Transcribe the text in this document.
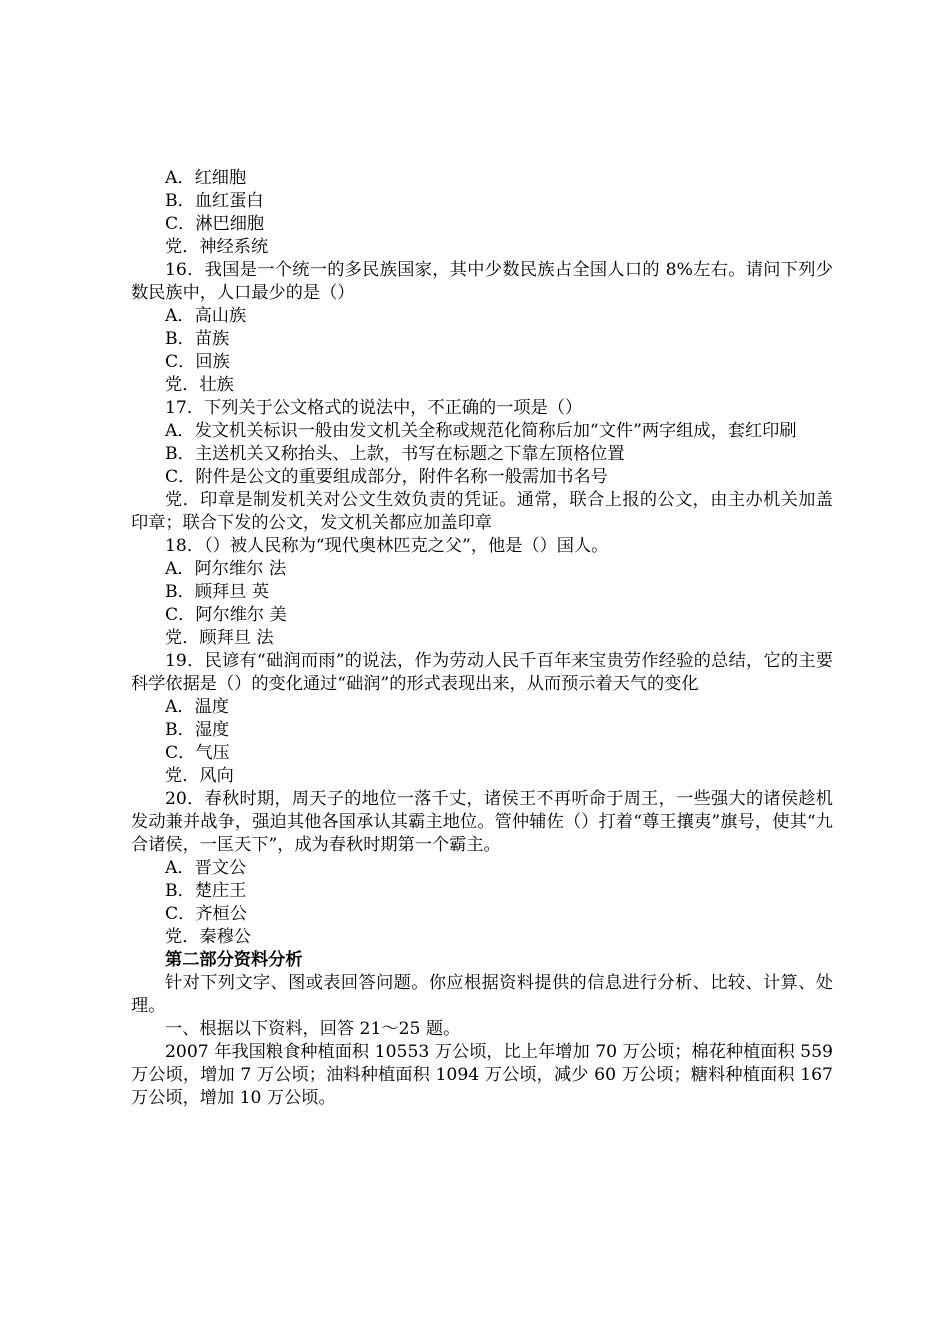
A．红细胞
B．血红蛋白
C．淋巴细胞
党．神经系统
16．我国是一个统一的多民族国家，其中少数民族占全国人口的 8%左右。请问下列少数民族中，人口最少的是（）
A．高山族
B．苗族
C．回族
党．壮族
17．下列关于公文格式的说法中，不正确的一项是（）
A．发文机关标识一般由发文机关全称或规范化简称后加“文件”两字组成，套红印刷
B．主送机关又称抬头、上款，书写在标题之下靠左顶格位置
C．附件是公文的重要组成部分，附件名称一般需加书名号
党．印章是制发机关对公文生效负责的凭证。通常，联合上报的公文，由主办机关加盖印章；联合下发的公文，发文机关都应加盖印章
18．（）被人民称为“现代奥林匹克之父”，他是（）国人。
A．阿尔维尔 法
B．顾拜旦 英
C．阿尔维尔 美
党．顾拜旦 法
19．民谚有“础润而雨”的说法，作为劳动人民千百年来宝贵劳作经验的总结，它的主要科学依据是（）的变化通过“础润”的形式表现出来，从而预示着天气的变化
A．温度
B．湿度
C．气压
党．风向
20．春秋时期，周天子的地位一落千丈，诸侯王不再听命于周王，一些强大的诸侯趁机发动兼并战争，强迫其他各国承认其霸主地位。管仲辅佐（）打着“尊王攘夷”旗号，使其“九合诸侯，一匡天下”，成为春秋时期第一个霸主。
A．晋文公
B．楚庄王
C．齐桓公
党．秦穆公
第二部分资料分析
针对下列文字、图或表回答问题。你应根据资料提供的信息进行分析、比较、计算、处理。
一、根据以下资料，回答 21～25 题。
2007 年我国粮食种植面积 10553 万公顷，比上年增加 70 万公顷；棉花种植面积 559 万公顷，增加 7 万公顷；油料种植面积 1094 万公顷，减少 60 万公顷；糖料种植面积 167 万公顷，增加 10 万公顷。
